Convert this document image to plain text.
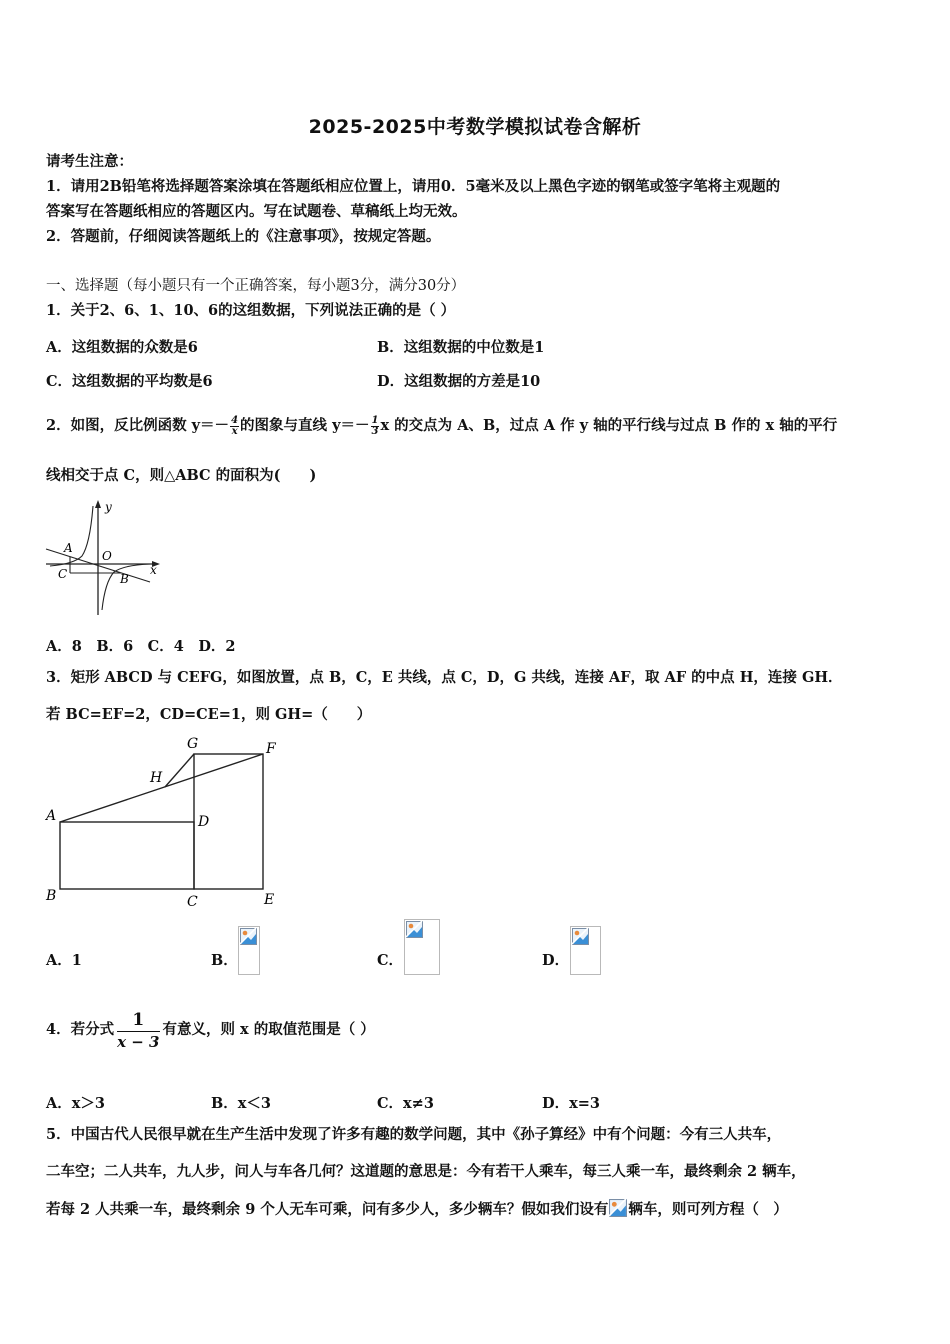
2025-2025中考数学模拟试卷含解析
请考生注意：
1．请用2B铅笔将选择题答案涂填在答题纸相应位置上，请用0．5毫米及以上黑色字迹的钢笔或签字笔将主观题的
答案写在答题纸相应的答题区内。写在试题卷、草稿纸上均无效。
2．答题前，仔细阅读答题纸上的《注意事项》，按规定答题。
一、选择题（每小题只有一个正确答案，每小题3分，满分30分）
1．关于2、6、1、10、6的这组数据，下列说法正确的是（ ）
A．这组数据的众数是6	B．这组数据的中位数是1
C．这组数据的平均数是6	D．这组数据的方差是10
2．如图，反比例函数 $y=- \frac{4}{x}$ 的图象与直线 $y=- \frac{1}{3}$ x 的交点为 A、B，过点 A 作 y 轴的平行线与过点 B 作的 x 轴的平行
线相交于点 C，则△ABC 的面积为(　　)
y
x
O
A
C	B
A．8　B．6　C．4　D．2
3．矩形 ABCD 与 CEFG，如图放置，点 B，C，E 共线，点 C，D，G 共线，连接 AF，取 AF 的中点 H，连接 GH．
若 BC=EF=2，CD=CE=1，则 GH=（　　）
G	F
H
A	D
B	C	E
A．1	B．	C．	D．
4．若分式 $\frac{1}{x - 3}$ 有意义，则 x 的取值范围是（ ）
A．x＞3	B．x＜3	C．x≠3	D．x=3
5．中国古代人民很早就在生产生活中发现了许多有趣的数学问题，其中《孙子算经》中有个问题：今有三人共车，
二车空；二人共车，九人步，问人与车各几何？这道题的意思是：今有若干人乘车，每三人乘一车，最终剩余 2 辆车，
若每 2 人共乘一车，最终剩余 9 个人无车可乘，问有多少人，多少辆车？假如我们设有 辆车，则可列方程（　）
